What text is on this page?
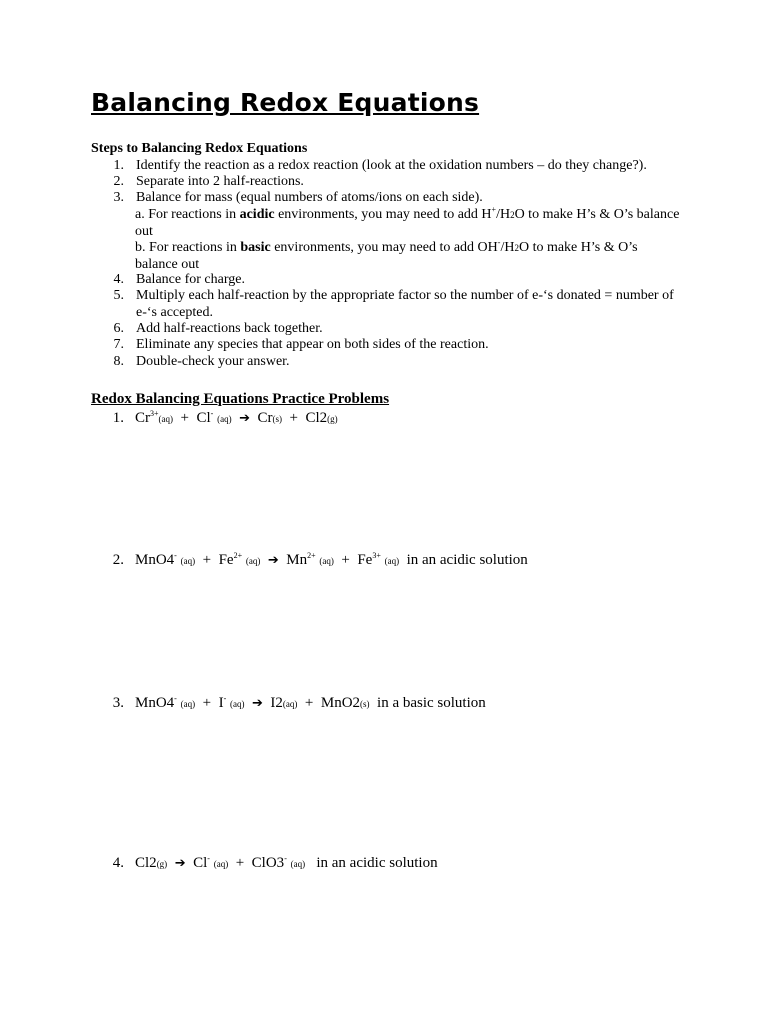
Balancing Redox Equations
Steps to Balancing Redox Equations
1. Identify the reaction as a redox reaction (look at the oxidation numbers – do they change?).
2. Separate into 2 half-reactions.
3. Balance for mass (equal numbers of atoms/ions on each side).
a. For reactions in acidic environments, you may need to add H+/H2O to make H’s & O’s balance out
b. For reactions in basic environments, you may need to add OH-/H2O to make H’s & O’s balance out
4. Balance for charge.
5. Multiply each half-reaction by the appropriate factor so the number of e-‘s donated = number of e-‘s accepted.
6. Add half-reactions back together.
7. Eliminate any species that appear on both sides of the reaction.
8. Double-check your answer.
Redox Balancing Equations Practice Problems
1. $Cr^{3+}(aq) + Cl^-$ (aq) ➔ Cr(s) + Cl2(g)
2. MnO4- $(aq) + Fe^{2+}$ (aq) ➔ $Mn^{2+}$ $(aq) + Fe^{3+}$ (aq) in an acidic solution
3. MnO4- (aq) + I- (aq) ➔ I2(aq) + MnO2(s) in a basic solution
4. Cl2(g) ➔ Cl- (aq) + ClO3- (aq) in an acidic solution
